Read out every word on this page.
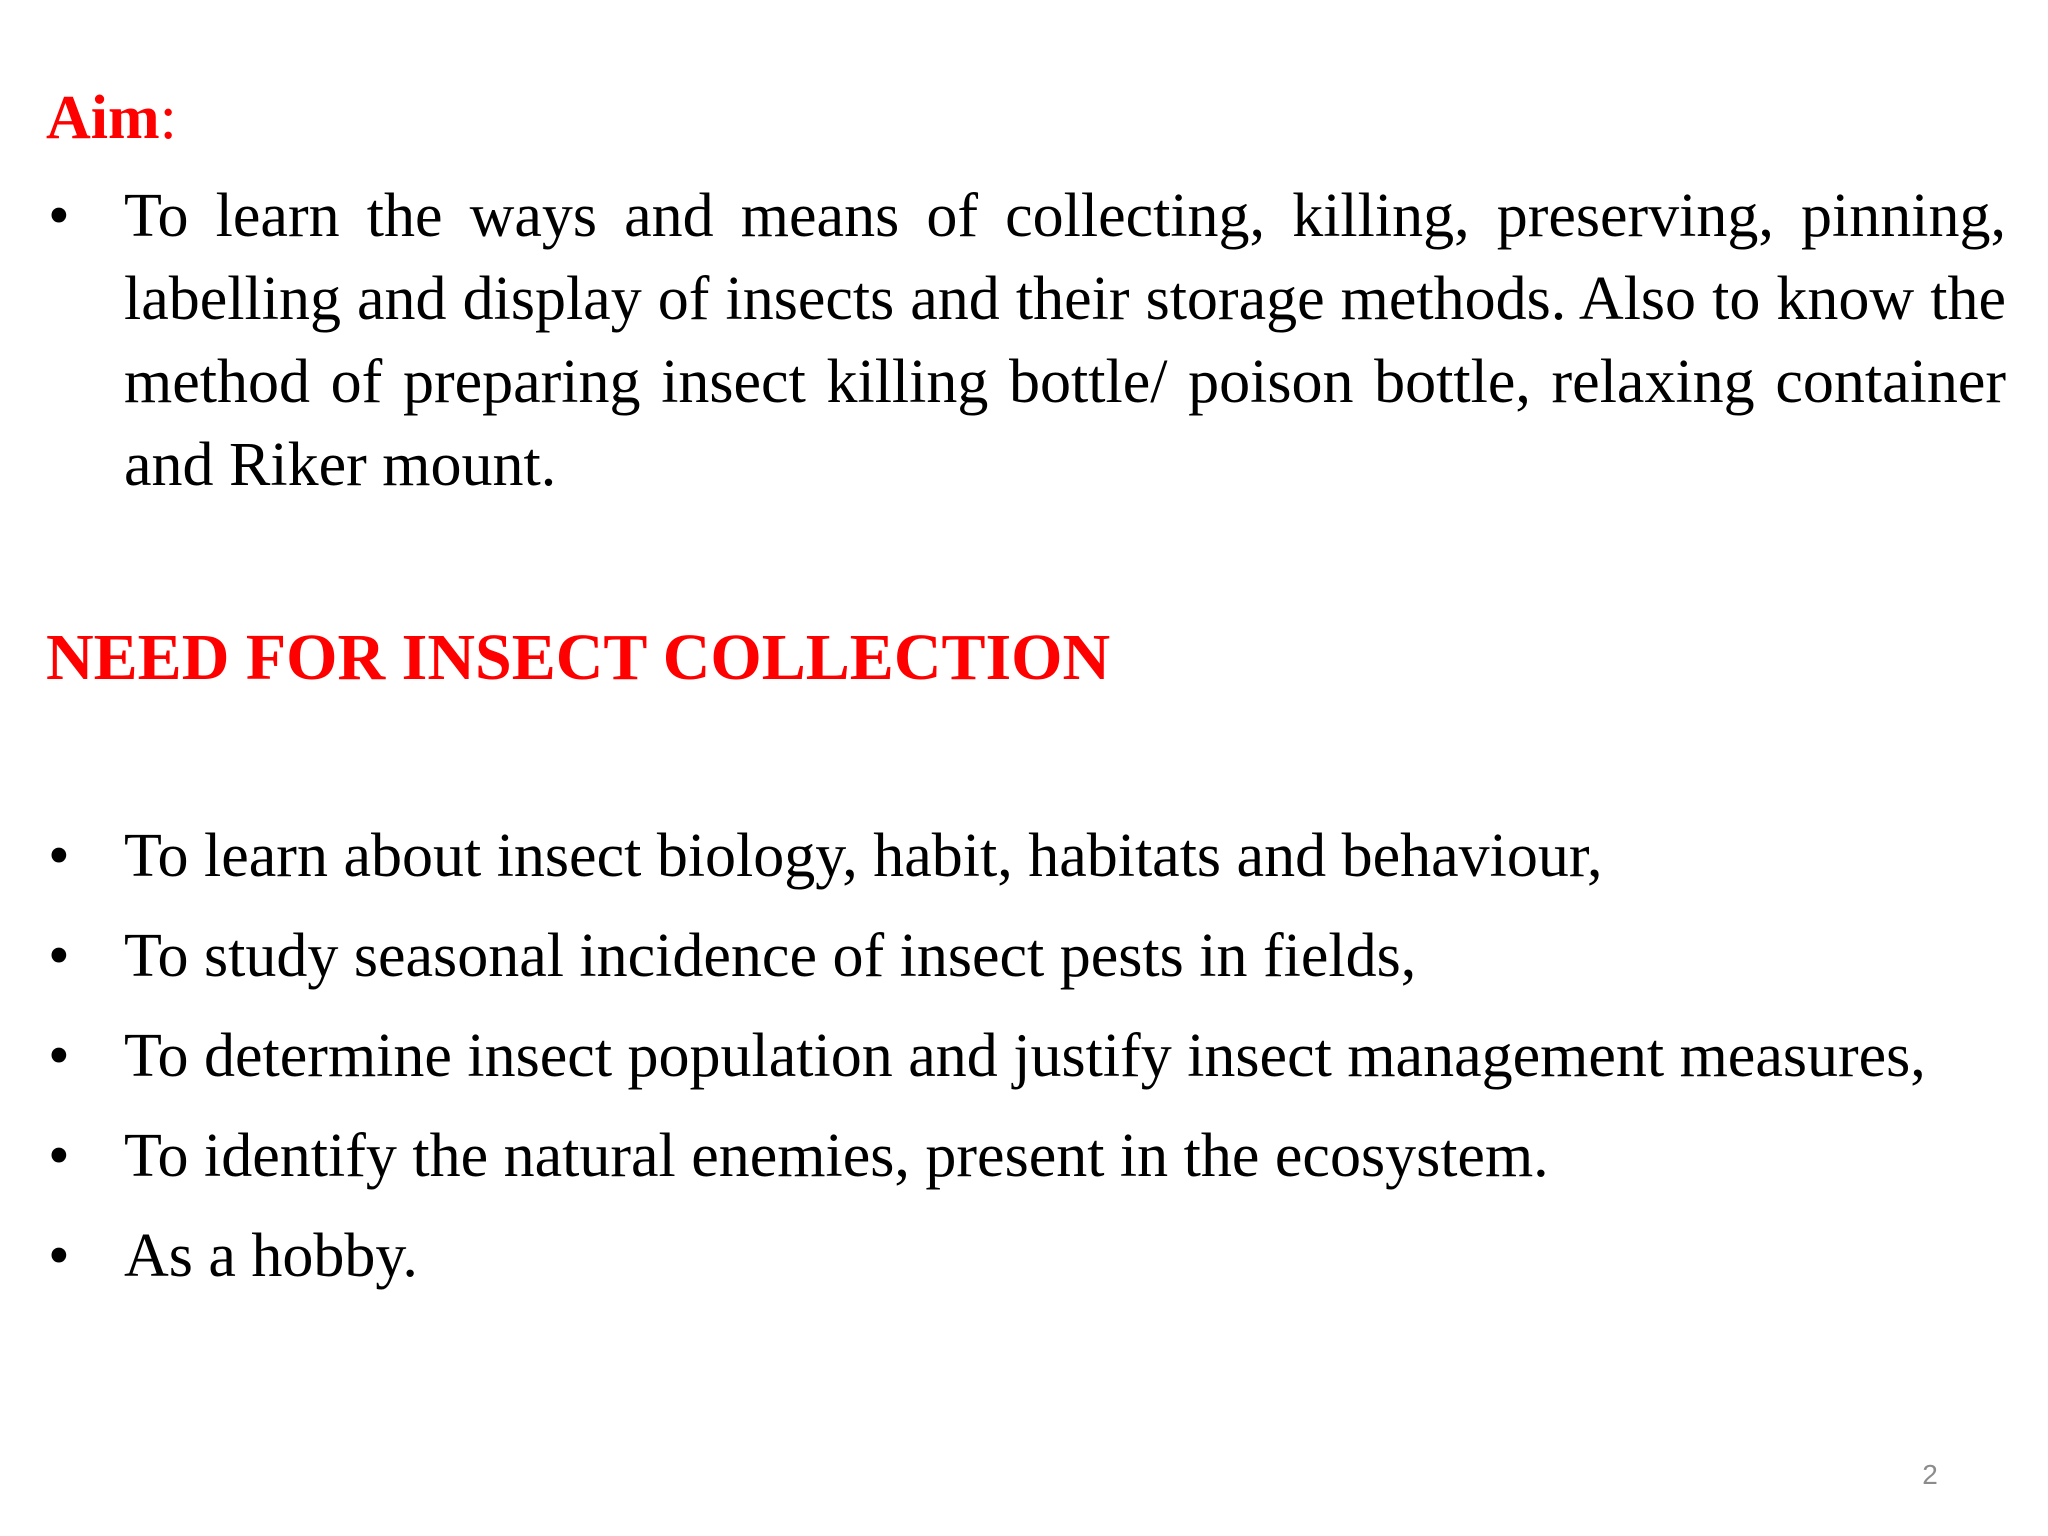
Aim:
• To learn the ways and means of collecting, killing, preserving, pinning, labelling and display of insects and their storage methods. Also to know the method of preparing insect killing bottle/ poison bottle, relaxing container and Riker mount.
NEED FOR INSECT COLLECTION
• To learn about insect biology, habit, habitats and behaviour,
• To study seasonal incidence of insect pests in fields,
• To determine insect population and justify insect management measures,
• To identify the natural enemies, present in the ecosystem.
• As a hobby.
2
